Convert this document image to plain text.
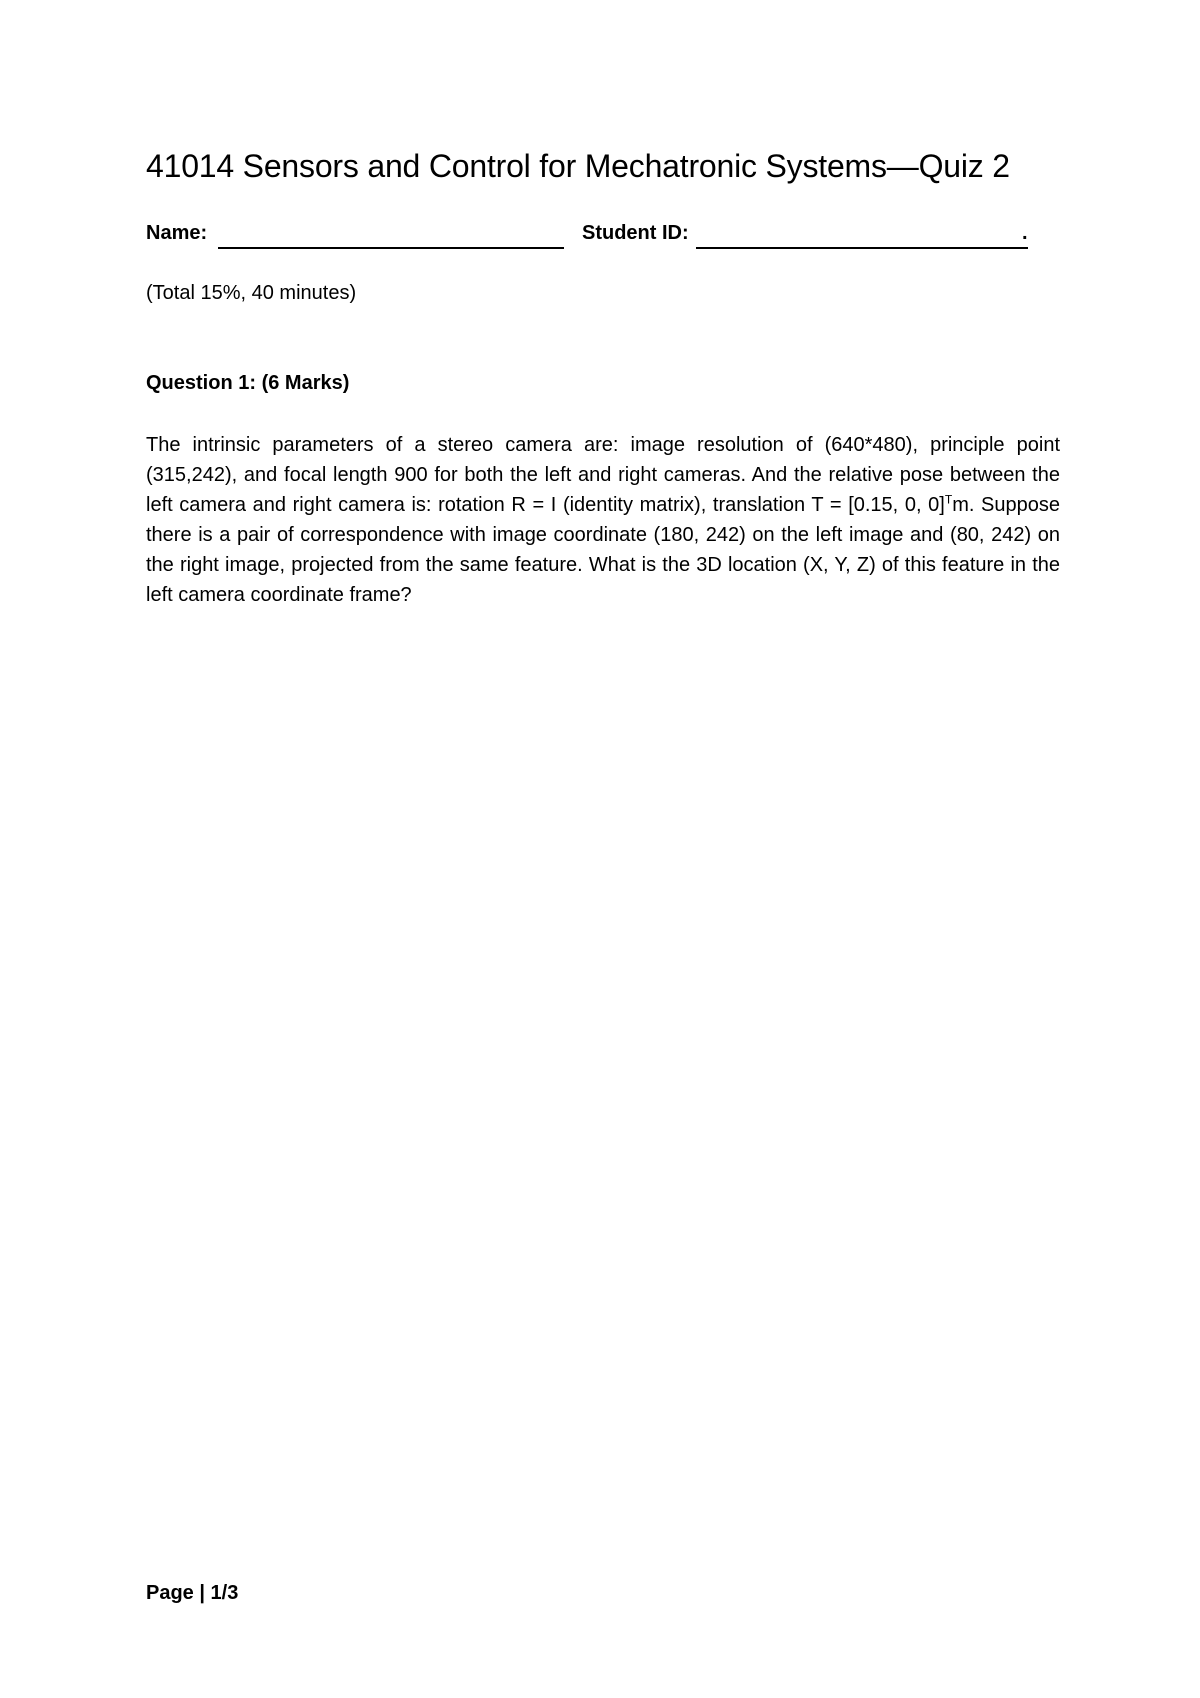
41014 Sensors and Control for Mechatronic Systems—Quiz 2
Name:	Student ID:	.
(Total 15%, 40 minutes)
Question 1: (6 Marks)
The intrinsic parameters of a stereo camera are: image resolution of (640*480), principle point (315,242), and focal length 900 for both the left and right cameras. And the relative pose between the left camera and right camera is: rotation R = I (identity matrix), translation T = [0.15, 0, 0]$^T$m. Suppose there is a pair of correspondence with image coordinate (180, 242) on the left image and (80, 242) on the right image, projected from the same feature. What is the 3D location (X, Y, Z) of this feature in the left camera coordinate frame?
Page | 1/3
